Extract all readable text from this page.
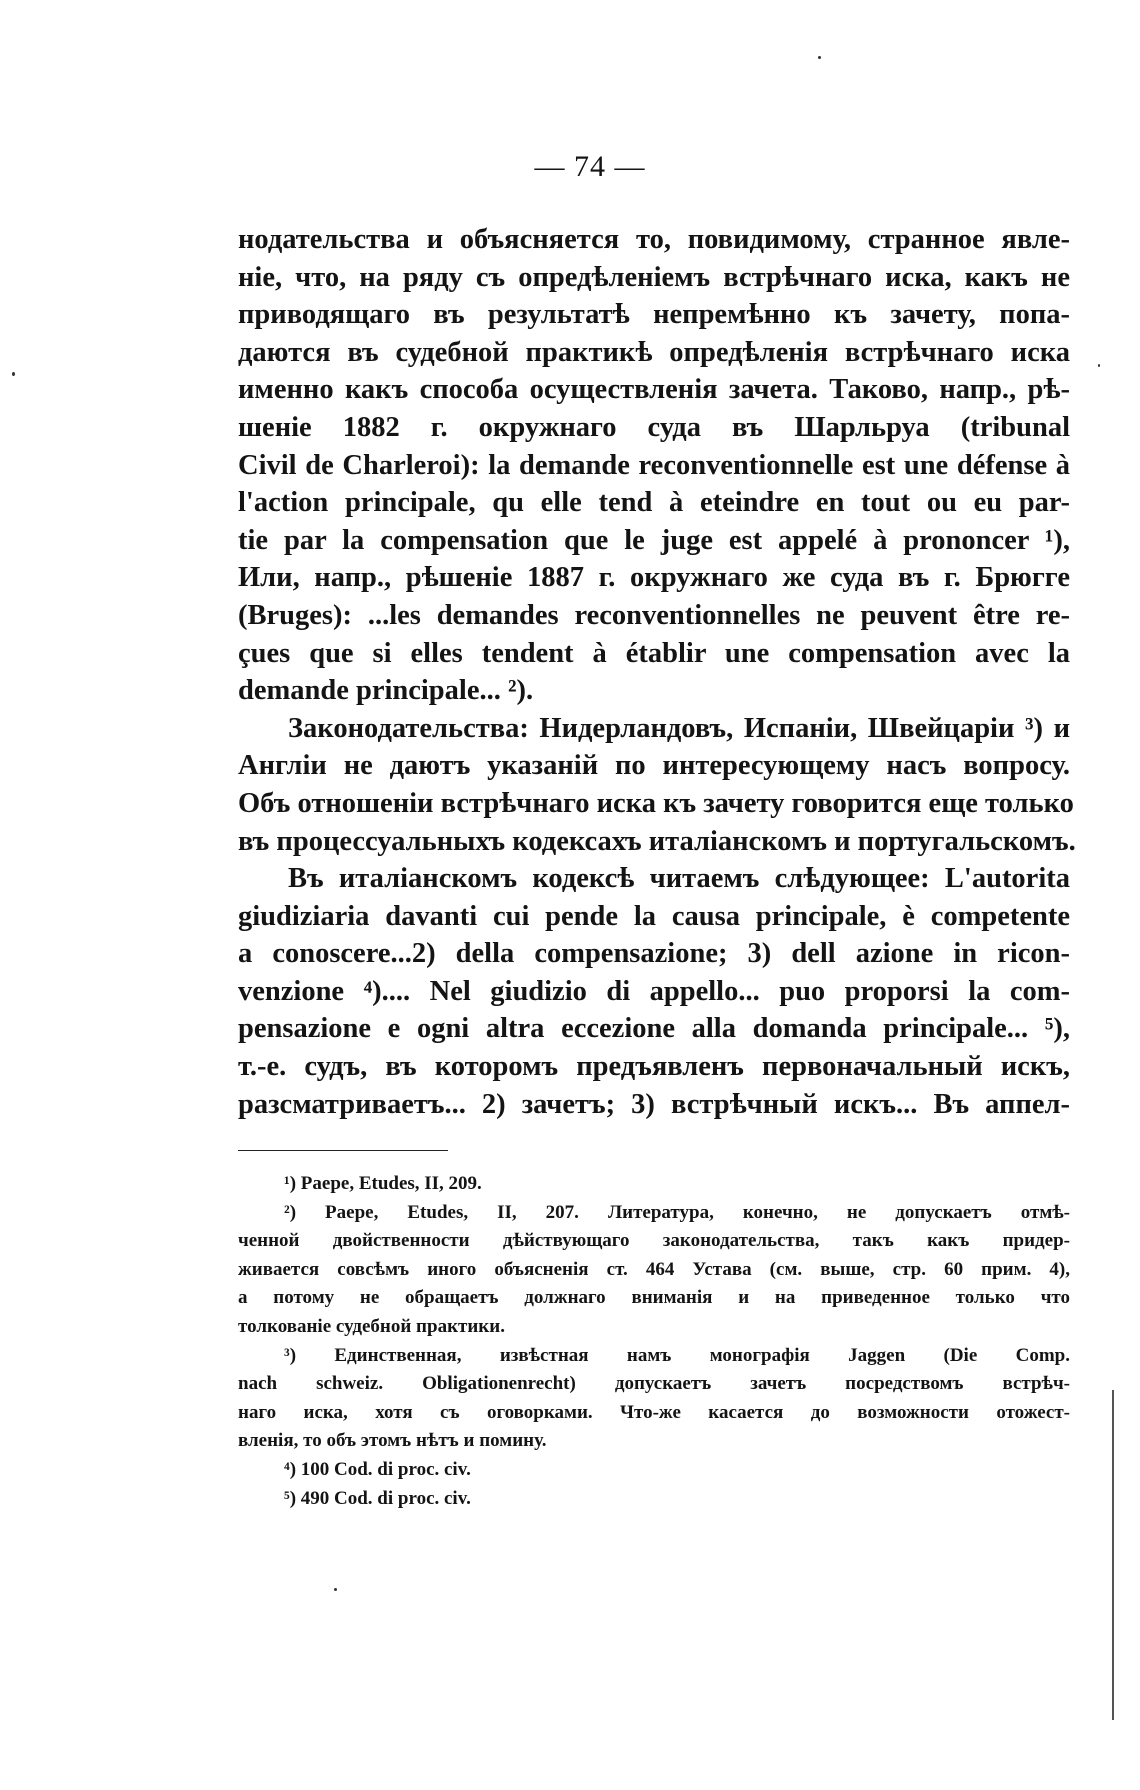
— 74 —
нодательства и объясняется то, повидимому, странное явле-
ніе, что, на ряду съ опредѣленіемъ встрѣчнаго иска, какъ не
приводящаго въ результатѣ непремѣнно къ зачету, попа-
даются въ судебной практикѣ опредѣленія встрѣчнаго иска
именно какъ способа осуществленія зачета. Таково, напр., рѣ-
шеніе 1882 г. окружнаго суда въ Шарльруа (tribunal
Civil de Charleroi): la demande reconventionnelle est une défense à
l'action principale, qu elle tend à eteindre en tout ou eu par-
tie par la compensation que le juge est appelé à prononcer ¹),
Или, напр., рѣшеніе 1887 г. окружнаго же суда въ г. Брюгге
(Bruges): ...les demandes reconventionnelles ne peuvent être re-
çues que si elles tendent à établir une compensation avec la
demande principale... ²).
Законодательства: Нидерландовъ, Испаніи, Швейцаріи ³) и
Англіи не даютъ указаній по интересующему насъ вопросу.
Объ отношеніи встрѣчнаго иска къ зачету говорится еще только
въ процессуальныхъ кодексахъ италіанскомъ и португальскомъ.
Въ италіанскомъ кодексѣ читаемъ слѣдующее: L'autorita
giudiziaria davanti cui pende la causa principale, è competente
a conoscere...2) della compensazione; 3) dell azione in ricon-
venzione ⁴).... Nel giudizio di appello... puo proporsi la com-
pensazione e ogni altra eccezione alla domanda principale... ⁵),
т.-е. судъ, въ которомъ предъявленъ первоначальный искъ,
разсматриваетъ... 2) зачетъ; 3) встрѣчный искъ... Въ аппел-
¹) Paepe, Etudes, II, 209.
²) Paepe, Etudes, II, 207. Литература, конечно, не допускаетъ отмѣ-
ченной двойственности дѣйствующаго законодательства, такъ какъ придер-
живается совсѣмъ иного объясненія ст. 464 Устава (см. выше, стр. 60 прим. 4),
а потому не обращаетъ должнаго вниманія и на приведенное только что
толкованіе судебной практики.
³) Единственная, извѣстная намъ монографія Jaggen (Die Comp.
nach schweiz. Obligationenrecht) допускаетъ зачетъ посредствомъ встрѣч-
наго иска, хотя съ оговорками. Что-же касается до возможности отожест-
вленія, то объ этомъ нѣтъ и помину.
⁴) 100 Cod. di proc. civ.
⁵) 490 Cod. di proc. civ.
